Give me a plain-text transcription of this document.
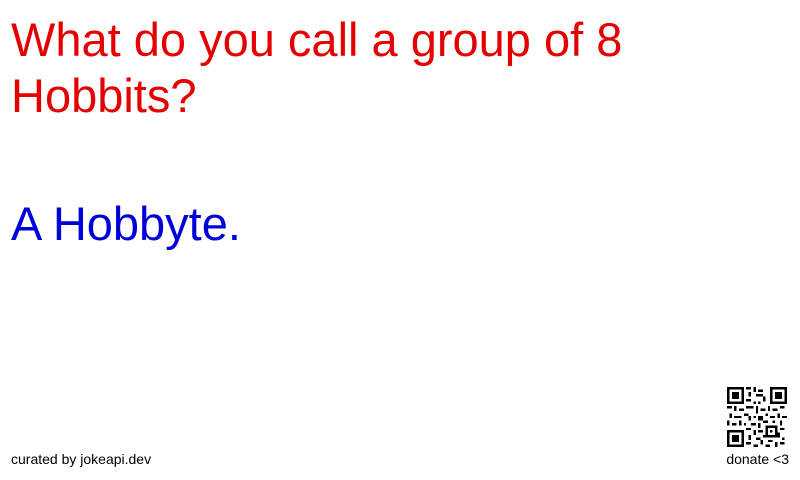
What do you call a group of 8 Hobbits?
A Hobbyte.
curated by jokeapi.dev	donate <3
